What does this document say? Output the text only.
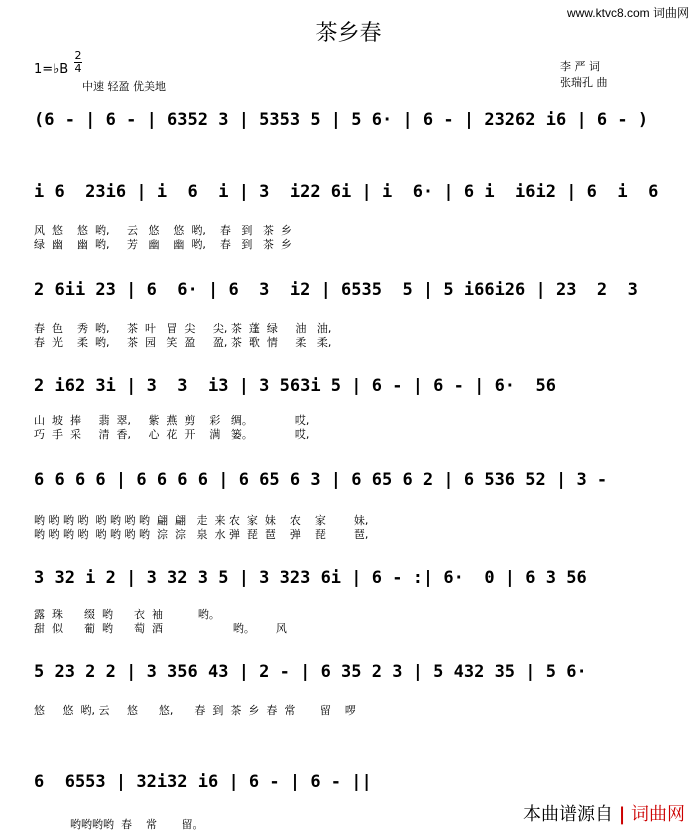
www.ktvc8.com 词曲网
茶乡春
1=♭B
2
4
中速 轻盈 优美地
李 严 词
张瑞孔 曲
(6 - | 6 - | 6352 3 | 5353 5 | 5 6· | 6 - | 23262 i6 | 6 - )
i 6  23i6 | i  6  i | 3  i22 6i | i  6· | 6 i  i6i2 | 6  i  6
风  悠    悠  哟,     云   悠    悠  哟,    春   到   茶  乡
绿  幽    幽  哟,     芳   幽    幽  哟,    春   到   茶  乡
2 6ii 23 | 6  6· | 6  3  i2 | 6535  5 | 5 i66i26 | 23  2  3
春  色    秀  哟,     茶  叶   冒  尖     尖, 茶  蓬  绿     油   油,
春  光    柔  哟,     茶  园   笑  盈     盈, 茶  歌  情     柔   柔,
2 i62 3i | 3  3  i3 | 3 563i 5 | 6 - | 6 - | 6·  56
山  坡  捧     翡  翠,     紫  燕  剪    彩   绸。            哎,
巧  手  采     清  香,     心  花  开    满   篓。            哎,
6 6 6 6 | 6 6 6 6 | 6 65 6 3 | 6 65 6 2 | 6 536 52 | 3 -
哟 哟 哟 哟  哟 哟 哟 哟  翩  翩   走  来 农  家  妹    农    家        妹,
哟 哟 哟 哟  哟 哟 哟 哟  淙  淙   泉  水 弹  琵  琶    弹    琵        琶,
3 32 i 2 | 3 32 3 5 | 3 323 6i | 6 - :| 6·  0 | 6 3 56
露  珠      缀  哟      衣  袖          哟。
甜  似      葡  哟      萄  酒                    哟。      风
5 23 2 2 | 3 356 43 | 2 - | 6 35 2 3 | 5 432 35 | 5 6·
悠     悠  哟, 云     悠      悠,      春  到  茶  乡  春  常       留    啰
6  6553 | 32i32 i6 | 6 - | 6 - ||
哟哟哟哟  春    常       留。	本曲谱源自 | 词曲网
